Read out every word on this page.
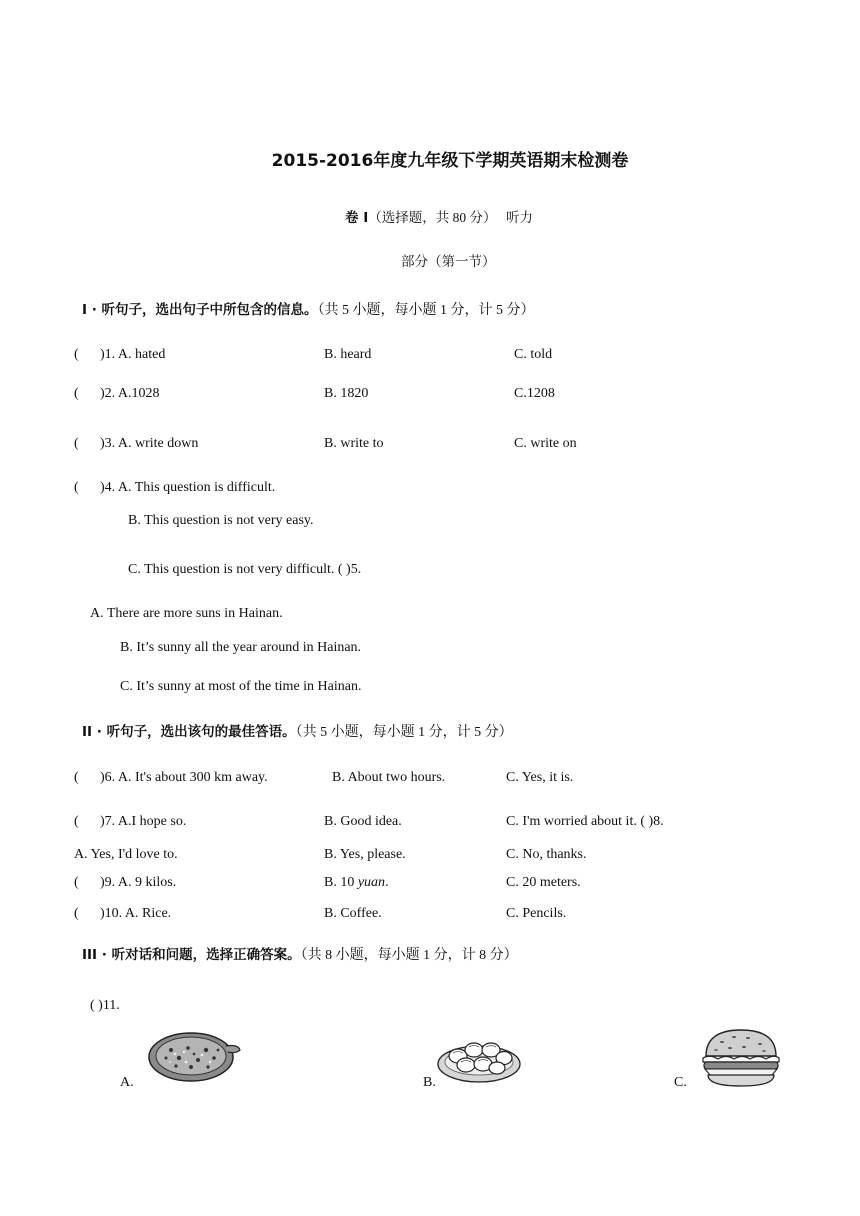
2015-2016年度九年级下学期英语期末检测卷
卷 I（选择题，共 80 分） 听力
部分（第一节）
I · 听句子，选出句子中所包含的信息。（共 5 小题，每小题 1 分，计 5 分）
( )1. A. hated	B. heard	C. told
( )2. A.1028	B. 1820	C.1208
( )3. A. write down	B. write to	C. write on
( )4. A. This question is difficult.
B. This question is not very easy.
C. This question is not very difficult. ( )5.
A. There are more suns in Hainan.
B. It’s sunny all the year around in Hainan.
C. It’s sunny at most of the time in Hainan.
II · 听句子，选出该句的最佳答语。（共 5 小题，每小题 1 分，计 5 分）
( )6. A. It's about 300 km away.	B. About two hours.	C. Yes, it is.
( )7. A.I hope so.	B. Good idea.	C. I'm worried about it. ( )8.
A. Yes, I'd love to.	B. Yes, please.	C. No, thanks.
( )9. A. 9 kilos.	B. 10 yuan.	C. 20 meters.
( )10. A. Rice.	B. Coffee.	C. Pencils.
III · 听对话和问题，选择正确答案。（共 8 小题，每小题 1 分，计 8 分）
( )11.
A.	B.	C.
